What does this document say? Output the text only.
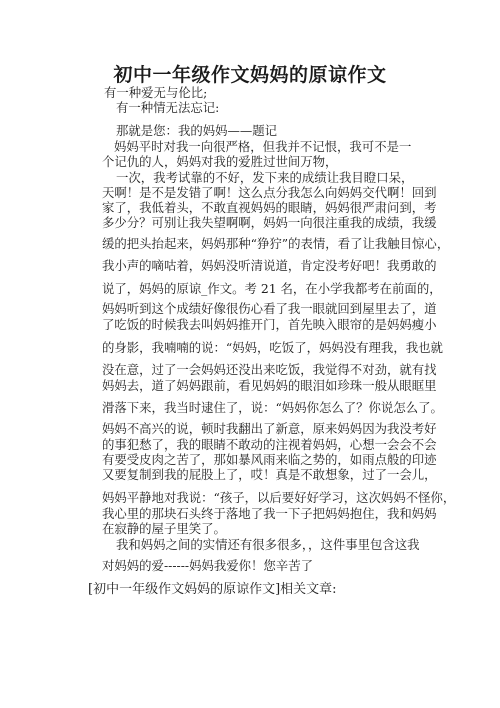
初中一年级作文妈妈的原谅作文
有一种爱无与伦比;
有一种情无法忘记:
那就是您：我的妈妈——题记
妈妈平时对我一向很严格，但我并不记恨，我可不是一
个记仇的人，妈妈对我的爱胜过世间万物，
一次，我考试靠的不好，发下来的成绩让我目瞪口呆，
天啊！是不是发错了啊！这么点分我怎么向妈妈交代啊！回到
家了，我低着头，不敢直视妈妈的眼睛，妈妈很严肃问到，考
多少分？可别让我失望啊啊，妈妈一向很注重我的成绩，我缓
缓的把头抬起来，妈妈那种“狰狞”的表情，看了让我触目惊心，
我小声的嘀咕着，妈妈没听清说道，肯定没考好吧！我勇敢的
说了，妈妈的原谅_作文。考 21 名，在小学我都考在前面的，
妈妈听到这个成绩好像很伤心看了我一眼就回到屋里去了，道
了吃饭的时候我去叫妈妈推开门，首先映入眼帘的是妈妈瘦小
的身影，我喃喃的说：“妈妈，吃饭了，妈妈没有理我，我也就
没在意，过了一会妈妈还没出来吃饭，我觉得不对劲，就有找
妈妈去，道了妈妈跟前，看见妈妈的眼泪如珍珠一般从眼眶里
滑落下来，我当时逮住了，说：“妈妈你怎么了？你说怎么了。
妈妈不高兴的说，顿时我翻出了新意，原来妈妈因为我没考好
的事犯愁了，我的眼睛不敢动的注视着妈妈，心想一会会不会
有要受皮肉之苦了，那如暴风雨来临之势的，如雨点般的印迹
又要复制到我的屁股上了，哎！真是不敢想象，过了一会儿，
妈妈平静地对我说：“孩子，以后要好好学习，这次妈妈不怪你，
我心里的那块石头终于落地了我一下子把妈妈抱住，我和妈妈
在寂静的屋子里笑了。
我和妈妈之间的实情还有很多很多，，这件事里包含这我
对妈妈的爱------妈妈我爱你！您辛苦了
[初中一年级作文妈妈的原谅作文]相关文章:
